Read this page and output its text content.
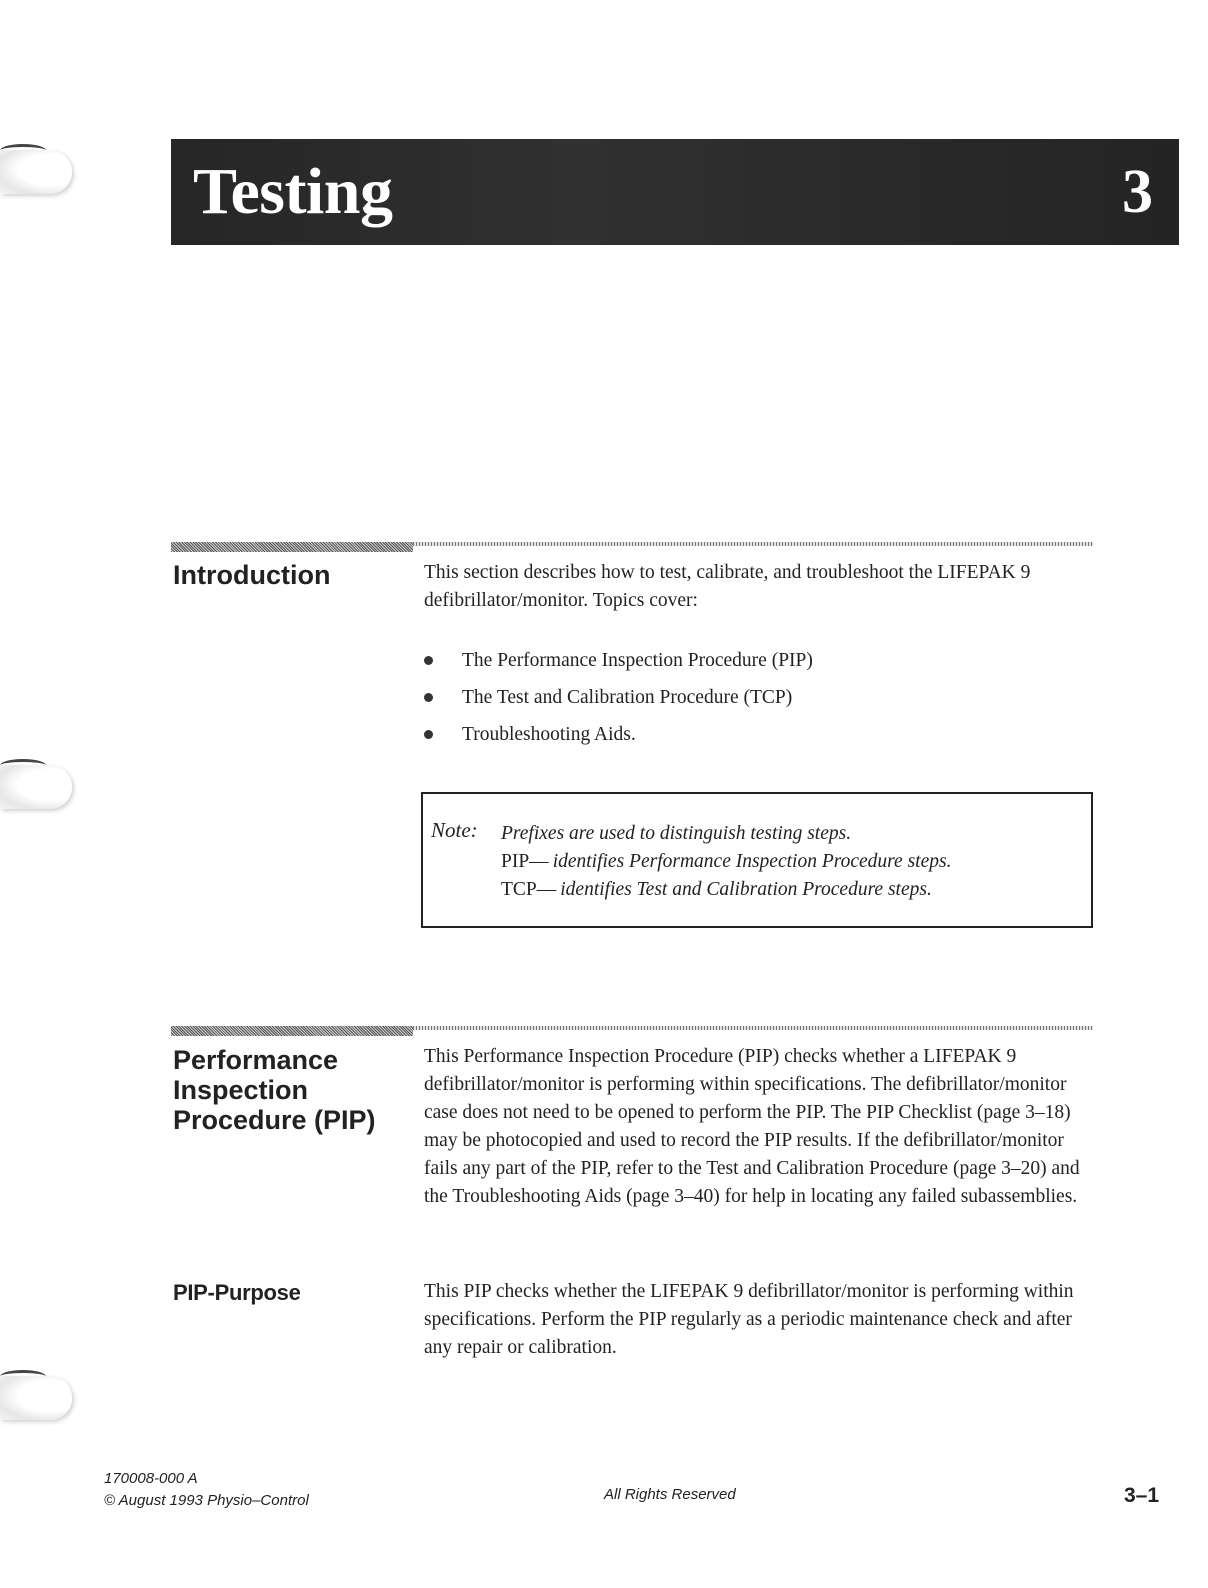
Testing	3
Introduction	This section describes how to test, calibrate, and troubleshoot the LIFEPAK 9 defibrillator/monitor. Topics cover:

The Performance Inspection Procedure (PIP)
The Test and Calibration Procedure (TCP)
Troubleshooting Aids.
Note: Prefixes are used to distinguish testing steps.
PIP— identifies Performance Inspection Procedure steps.
TCP— identifies Test and Calibration Procedure steps.
Performance
Inspection
Procedure (PIP)

This Performance Inspection Procedure (PIP) checks whether a LIFEPAK 9 defibrillator/monitor is performing within specifications. The defibrillator/monitor case does not need to be opened to perform the PIP. The PIP Checklist (page 3–18) may be photocopied and used to record the PIP results. If the defibrillator/monitor fails any part of the PIP, refer to the Test and Calibration Procedure (page 3–20) and the Troubleshooting Aids (page 3–40) for help in locating any failed subassemblies.

PIP-Purpose	This PIP checks whether the LIFEPAK 9 defibrillator/monitor is performing within specifications. Perform the PIP regularly as a periodic maintenance check and after any repair or calibration.

170008-000 A
© August 1993 Physio–Control	All Rights Reserved	3–1
